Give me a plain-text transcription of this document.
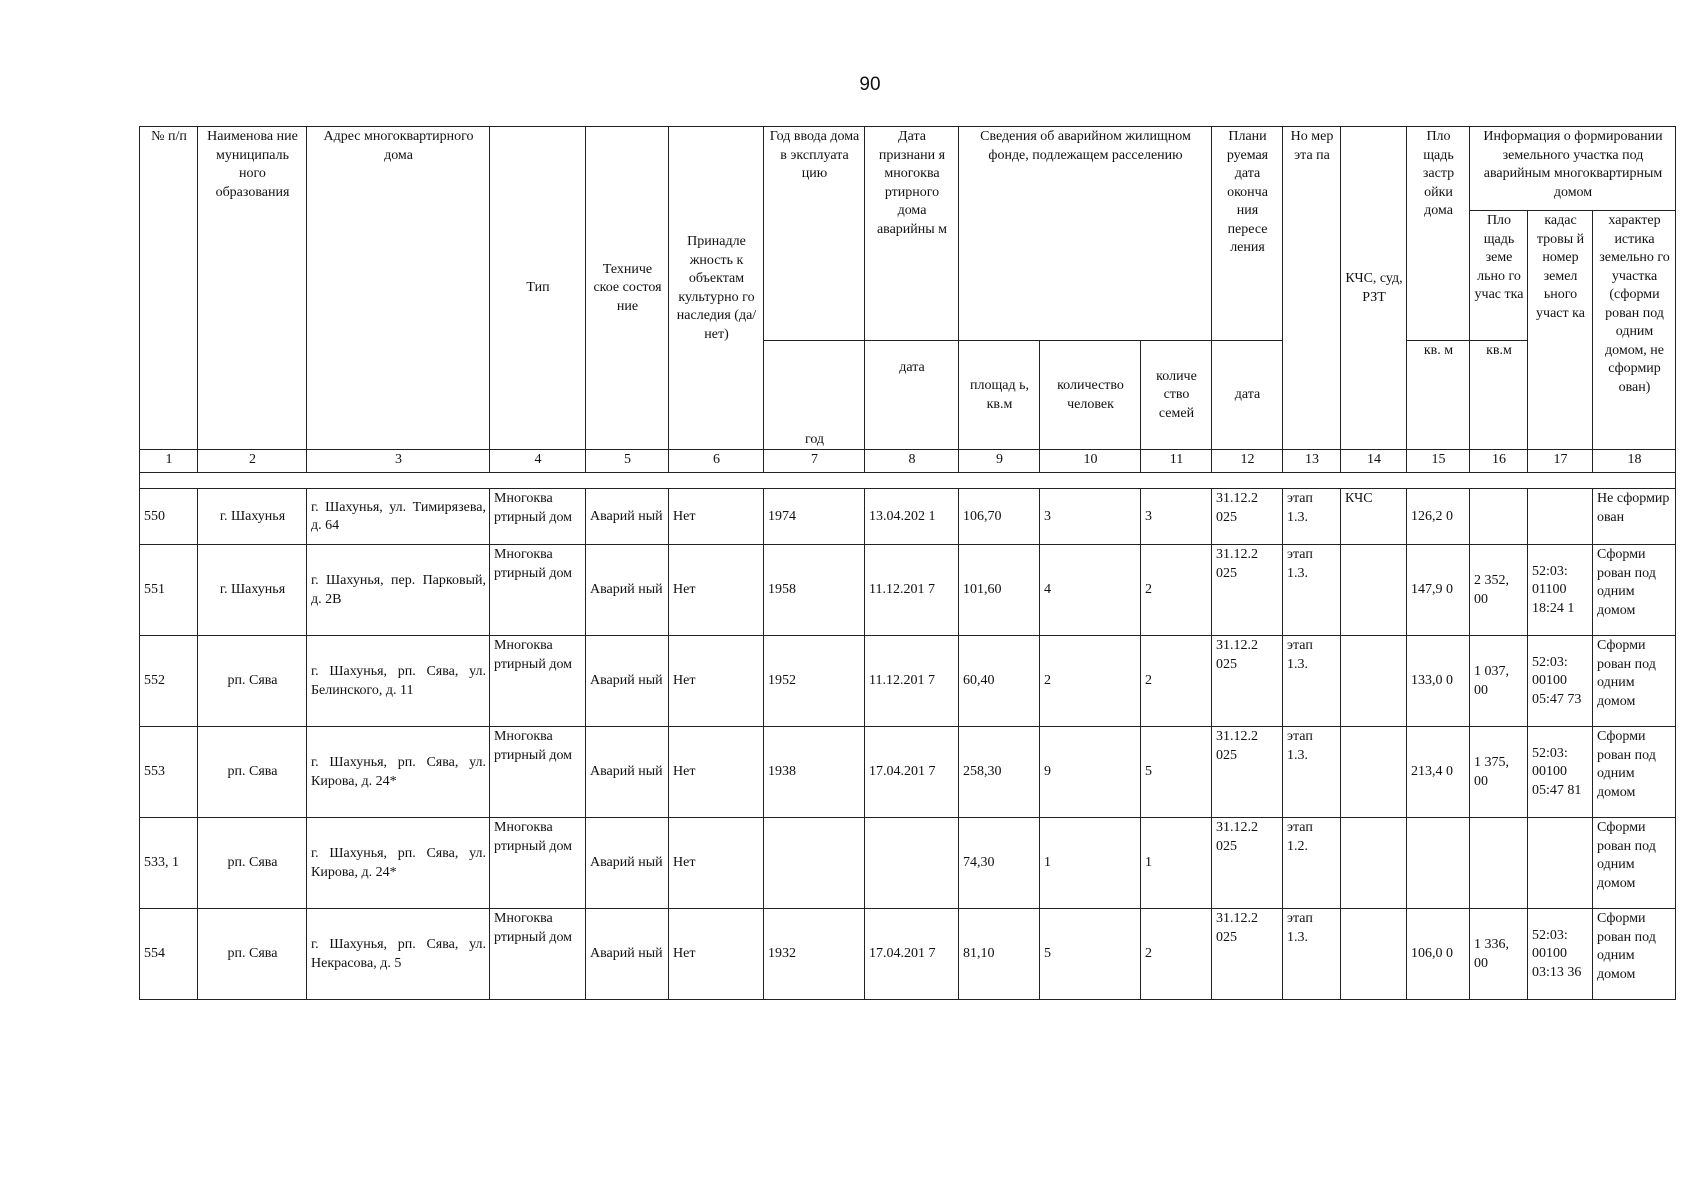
90
№ п/п	Наименова ние муниципаль ного образования	Адрес многоквартирного дома	Тип	Техниче ское состоя ние	Принадле жность к объектам культурно го наследия (да/нет)	Год ввода дома в эксплуата цию	Дата признани я многоква ртирного дома аварийны м	Сведения об аварийном жилищном фонде, подлежащем расселению			Плани руемая дата оконча ния пересе ления	Но мер эта па	КЧС, суд, РЗТ	Пло щадь застр ойки дома	Информация о формировании земельного участка под аварийным многоквартирным домом		
															Пло щадь земе льно го учас тка	кадас тровы й номер земел ьного участ ка	характер истика земельно го участка (сформи рован под одним домом, не сформир ован)
						год	дата	площад ь, кв.м	количество человек	количе ство семей	дата			кв. м	кв.м		
1	2	3	4	5	6	7	8	9	10	11	12	13	14	15	16	17	18

550	г. Шахунья	г. Шахунья, ул. Тимирязева, д. 64	Многоква ртирный дом	Аварий ный	Нет	1974	13.04.202 1	106,70	3	3	31.12.2 025	этап 1.3.	КЧС	126,2 0			Не сформир ован
551	г. Шахунья	г. Шахунья, пер. Парковый, д. 2В	Многоква ртирный дом	Аварий ный	Нет	1958	11.12.201 7	101,60	4	2	31.12.2 025	этап 1.3.		147,9 0	2 352, 00	52:03: 01100 18:24 1	Сформи рован под одним домом
552	рп. Сява	г. Шахунья, рп. Сява, ул. Белинского, д. 11	Многоква ртирный дом	Аварий ный	Нет	1952	11.12.201 7	60,40	2	2	31.12.2 025	этап 1.3.		133,0 0	1 037, 00	52:03: 00100 05:47 73	Сформи рован под одним домом
553	рп. Сява	г. Шахунья, рп. Сява, ул. Кирова, д. 24*	Многоква ртирный дом	Аварий ный	Нет	1938	17.04.201 7	258,30	9	5	31.12.2 025	этап 1.3.		213,4 0	1 375, 00	52:03: 00100 05:47 81	Сформи рован под одним домом
533, 1	рп. Сява	г. Шахунья, рп. Сява, ул. Кирова, д. 24*	Многоква ртирный дом	Аварий ный	Нет			74,30	1	1	31.12.2 025	этап 1.2.					Сформи рован под одним домом
554	рп. Сява	г. Шахунья, рп. Сява, ул. Некрасова, д. 5	Многоква ртирный дом	Аварий ный	Нет	1932	17.04.201 7	81,10	5	2	31.12.2 025	этап 1.3.		106,0 0	1 336, 00	52:03: 00100 03:13 36	Сформи рован под одним домом
